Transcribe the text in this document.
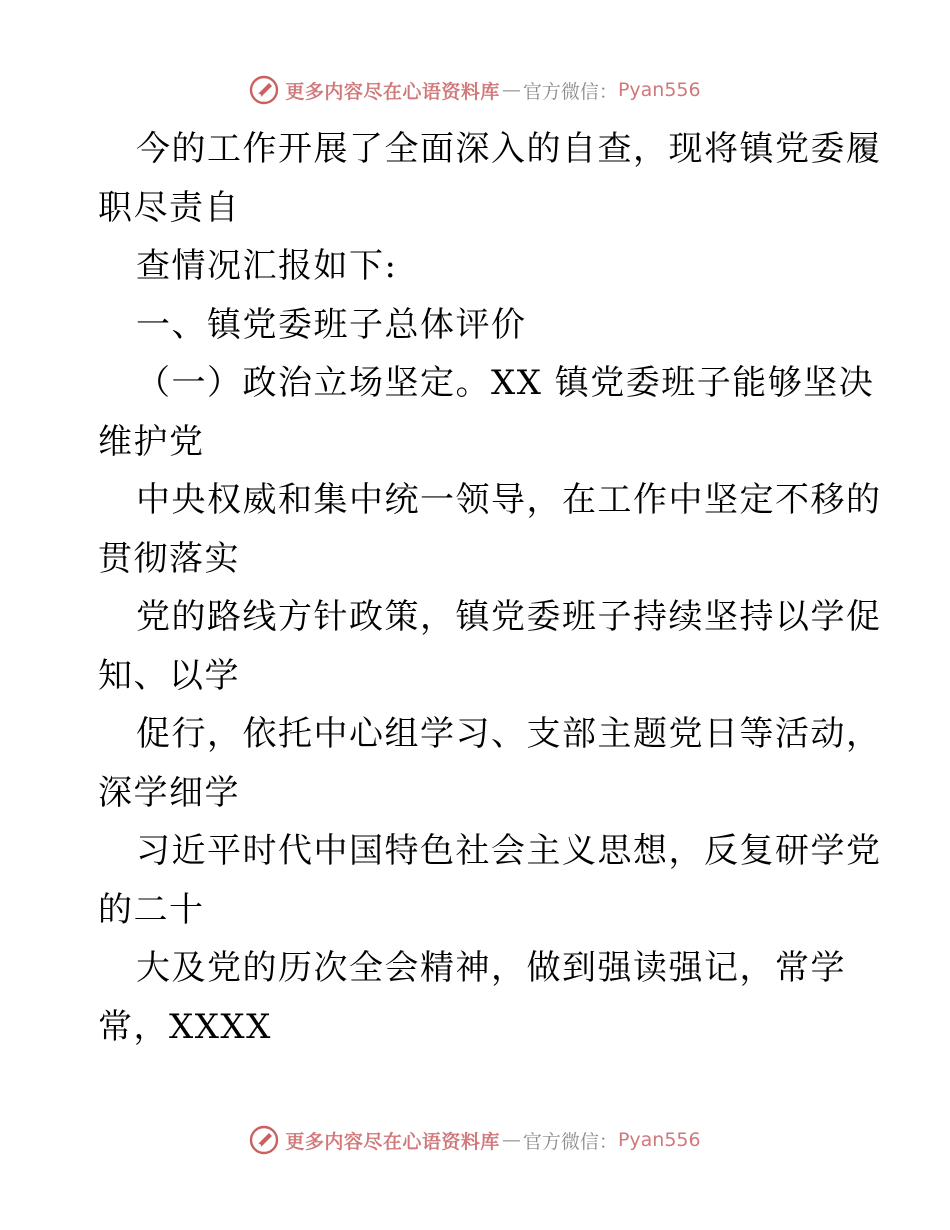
更多内容尽在心语资料库 — 官方微信 ： Pyan556
今的工作开展了全面深入的自查，现将镇党委履
职尽责自
查情况汇报如下:
一、镇党委班子总体评价
（一）政治立场坚定。XX 镇党委班子能够坚决
维护党
中央权威和集中统一领导，在工作中坚定不移的
贯彻落实
党的路线方针政策，镇党委班子持续坚持以学促
知、以学
促行，依托中心组学习、支部主题党日等活动，
深学细学
习近平时代中国特色社会主义思想，反复研学党
的二十
大及党的历次全会精神，做到强读强记，常学
常，XXXX
更多内容尽在心语资料库 — 官方微信 ： Pyan556
